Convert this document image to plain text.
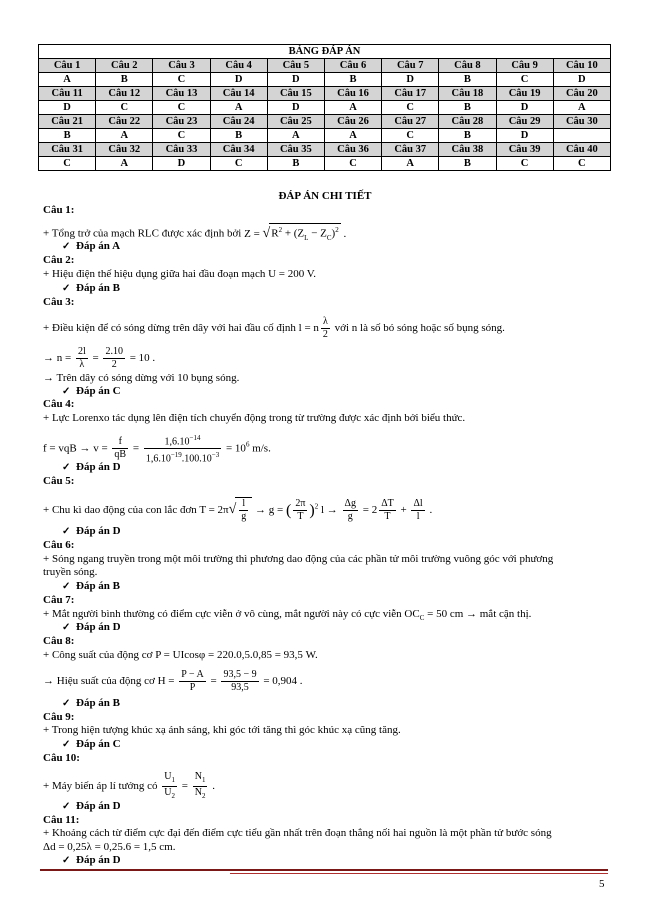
BẢNG ĐÁP ÁN									
Câu 1	Câu 2	Câu 3	Câu 4	Câu 5	Câu 6	Câu 7	Câu 8	Câu 9	Câu 10
A	B	C	D	D	B	D	B	C	D
Câu 11	Câu 12	Câu 13	Câu 14	Câu 15	Câu 16	Câu 17	Câu 18	Câu 19	Câu 20
D	C	C	A	D	A	C	B	D	A
Câu 21	Câu 22	Câu 23	Câu 24	Câu 25	Câu 26	Câu 27	Câu 28	Câu 29	Câu 30
B	A	C	B	A	A	C	B	D	
Câu 31	Câu 32	Câu 33	Câu 34	Câu 35	Câu 36	Câu 37	Câu 38	Câu 39	Câu 40
C	A	D	C	B	C	A	B	C	C
ĐÁP ÁN CHI TIẾT
Câu 1:
+ Tổng trở của mạch RLC được xác định bởi $Z = √R^2 + (Z_L - Z_C)^2$ .
✓ Đáp án A
Câu 2:
+ Hiệu điện thế hiệu dụng giữa hai đầu đoạn mạch U = 200 V.
✓ Đáp án B
Câu 3:
+ Điều kiện để có sóng dừng trên dây với hai đầu cố định l = n $\frac{\lambda}{2}$ với n là số bó sóng hoặc số bụng sóng.
→ $n = \frac{2l}{\lambda} = \frac{2.10}{2} = 10$ .
→ Trên dây có sóng dừng với 10 bụng sóng.
✓ Đáp án C
Câu 4:
+ Lực Lorenxo tác dụng lên điện tích chuyển động trong từ trường được xác định bởi biểu thức.
f = vqB → $v = \frac{f}{qB} = \frac{1,6.10^{-14}}{1,6.10^{-19}.100.10^{-3}} = 10^6$ m/s.
✓ Đáp án D
Câu 5:
+ Chu kì dao động của con lắc đơn $T = 2\pi√ \frac{l}{g} \to g$ = ( $\frac{2\pi}{T} )^2$ $l \to \frac{\Delta g}{g} = 2 \frac{\Delta T}{T} + \frac{\Delta l}{l}$ .
✓ Đáp án D
Câu 6:
+ Sóng ngang truyền trong một môi trường thì phương dao động của các phần tử môi trường vuông góc với phương
truyền sóng.
✓ Đáp án B
Câu 7:
+ Mắt người bình thường có điểm cực viễn ở vô cùng, mắt người này có cực viễn $OC_C = 50$ cm → mắt cận thị.
✓ Đáp án D
Câu 8:
+ Công suất của động cơ P = UIcosφ = 220.0,5.0,85 = 93,5 W.
→ Hiệu suất của động cơ $H = \frac{P - A}{P} = \frac{93,5 - 9}{93,5} = 0,904$ .
✓ Đáp án B
Câu 9:
+ Trong hiện tượng khúc xạ ánh sáng, khi góc tới tăng thì góc khúc xạ cũng tăng.
✓ Đáp án C
Câu 10:
+ Máy biến áp lí tưởng có $\frac{U_1}{U_2} = \frac{N_1}{N_2}$ .
✓ Đáp án D
Câu 11:
+ Khoảng cách từ điểm cực đại đến điểm cực tiểu gần nhất trên đoạn thẳng nối hai nguồn là một phần tử bước sóng
Δd = 0,25λ = 0,25.6 = 1,5 cm.
✓ Đáp án D
5
